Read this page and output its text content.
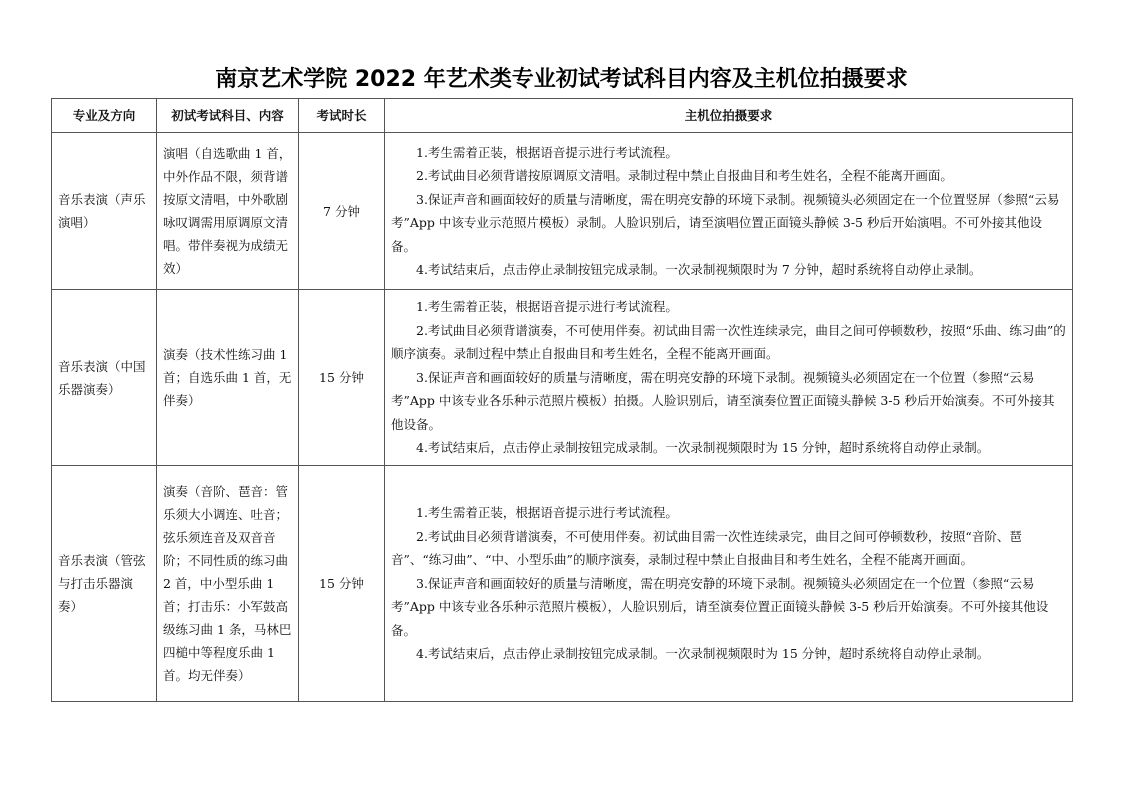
南京艺术学院 2022 年艺术类专业初试考试科目内容及主机位拍摄要求
专业及方向	初试考试科目、内容	考试时长	主机位拍摄要求
音乐表演（声乐演唱）	演唱（自选歌曲 1 首，中外作品不限，须背谱按原文清唱，中外歌剧咏叹调需用原调原文清唱。带伴奏视为成绩无效）	7 分钟	1.考生需着正装，根据语音提示进行考试流程。

2.考试曲目必须背谱按原调原文清唱。录制过程中禁止自报曲目和考生姓名，全程不能离开画面。

3.保证声音和画面较好的质量与清晰度，需在明亮安静的环境下录制。视频镜头必须固定在一个位置竖屏（参照“云易考”App 中该专业示范照片模板）录制。人脸识别后，请至演唱位置正面镜头静候 3-5 秒后开始演唱。不可外接其他设备。

4.考试结束后，点击停止录制按钮完成录制。一次录制视频限时为 7 分钟，超时系统将自动停止录制。

音乐表演（中国乐器演奏）	演奏（技术性练习曲 1 首；自选乐曲 1 首，无伴奏）	15 分钟	1.考生需着正装，根据语音提示进行考试流程。

2.考试曲目必须背谱演奏，不可使用伴奏。初试曲目需一次性连续录完，曲目之间可停顿数秒，按照“乐曲、练习曲”的顺序演奏。录制过程中禁止自报曲目和考生姓名，全程不能离开画面。

3.保证声音和画面较好的质量与清晰度，需在明亮安静的环境下录制。视频镜头必须固定在一个位置（参照“云易考”App 中该专业各乐种示范照片模板）拍摄。人脸识别后，请至演奏位置正面镜头静候 3-5 秒后开始演奏。不可外接其他设备。

4.考试结束后，点击停止录制按钮完成录制。一次录制视频限时为 15 分钟，超时系统将自动停止录制。

音乐表演（管弦与打击乐器演奏）	演奏（音阶、琶音：管乐须大小调连、吐音；弦乐须连音及双音音阶；不同性质的练习曲 2 首，中小型乐曲 1 首；打击乐：小军鼓高级练习曲 1 条，马林巴四槌中等程度乐曲 1 首。均无伴奏）	15 分钟	1.考生需着正装，根据语音提示进行考试流程。

2.考试曲目必须背谱演奏，不可使用伴奏。初试曲目需一次性连续录完，曲目之间可停顿数秒，按照“音阶、琶音”、“练习曲”、“中、小型乐曲”的顺序演奏，录制过程中禁止自报曲目和考生姓名，全程不能离开画面。

3.保证声音和画面较好的质量与清晰度，需在明亮安静的环境下录制。视频镜头必须固定在一个位置（参照“云易考”App 中该专业各乐种示范照片模板），人脸识别后，请至演奏位置正面镜头静候 3-5 秒后开始演奏。不可外接其他设备。

4.考试结束后，点击停止录制按钮完成录制。一次录制视频限时为 15 分钟，超时系统将自动停止录制。
